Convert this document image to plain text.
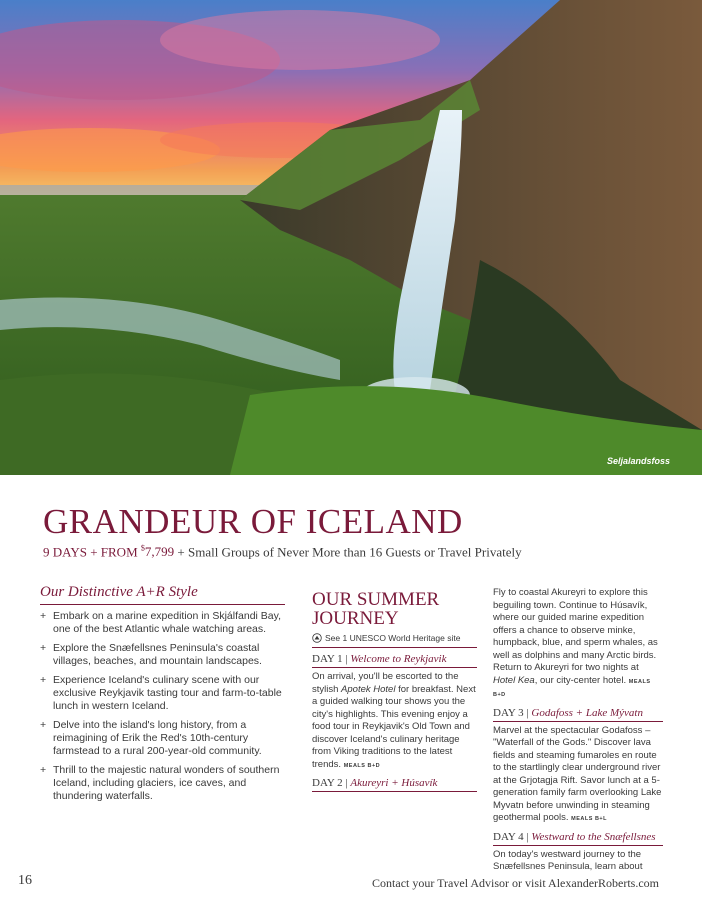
Seljalandsfoss
GRANDEUR OF ICELAND
9 DAYS + FROM $7,799 + Small Groups of Never More than 16 Guests or Travel Privately
Our Distinctive A+R Style
+ Embark on a marine expedition in Skjálfandi Bay, one of the best Atlantic whale watching areas.
+ Explore the Snæfellsnes Peninsula's coastal villages, beaches, and mountain landscapes.
+ Experience Iceland's culinary scene with our exclusive Reykjavik tasting tour and farm-to-table lunch in western Iceland.
+ Delve into the island's long history, from a reimagining of Erik the Red's 10th-century farmstead to a rural 200-year-old community.
+ Thrill to the majestic natural wonders of southern Iceland, including glaciers, ice caves, and thundering waterfalls.
OUR SUMMER
JOURNEY
See 1 UNESCO World Heritage site
DAY 1 | Welcome to Reykjavik
On arrival, you'll be escorted to the stylish Apotek Hotel for breakfast. Next a guided walking tour shows you the city's highlights. This evening enjoy a food tour in Reykjavik's Old Town and discover Iceland's culinary heritage from Viking traditions to the latest trends. MEALS B+D
DAY 2 | Akureyri + Húsavík
Fly to coastal Akureyri to explore this beguiling town. Continue to Húsavík, where our guided marine expedition offers a chance to observe minke, humpback, blue, and sperm whales, as well as dolphins and many Arctic birds. Return to Akureyri for two nights at Hotel Kea, our city-center hotel. MEALS B+D
DAY 3 | Godafoss + Lake Mývatn
Marvel at the spectacular Godafoss – "Waterfall of the Gods." Discover lava fields and steaming fumaroles en route to the startlingly clear underground river at the Grjotagja Rift. Savor lunch at a 5-generation family farm overlooking Lake Myvatn before unwinding in steaming geothermal pools. MEALS B+L
DAY 4 | Westward to the Snæfellsnes
On today's westward journey to the Snæfellsnes Peninsula, learn about
16	Contact your Travel Advisor or visit AlexanderRoberts.com
